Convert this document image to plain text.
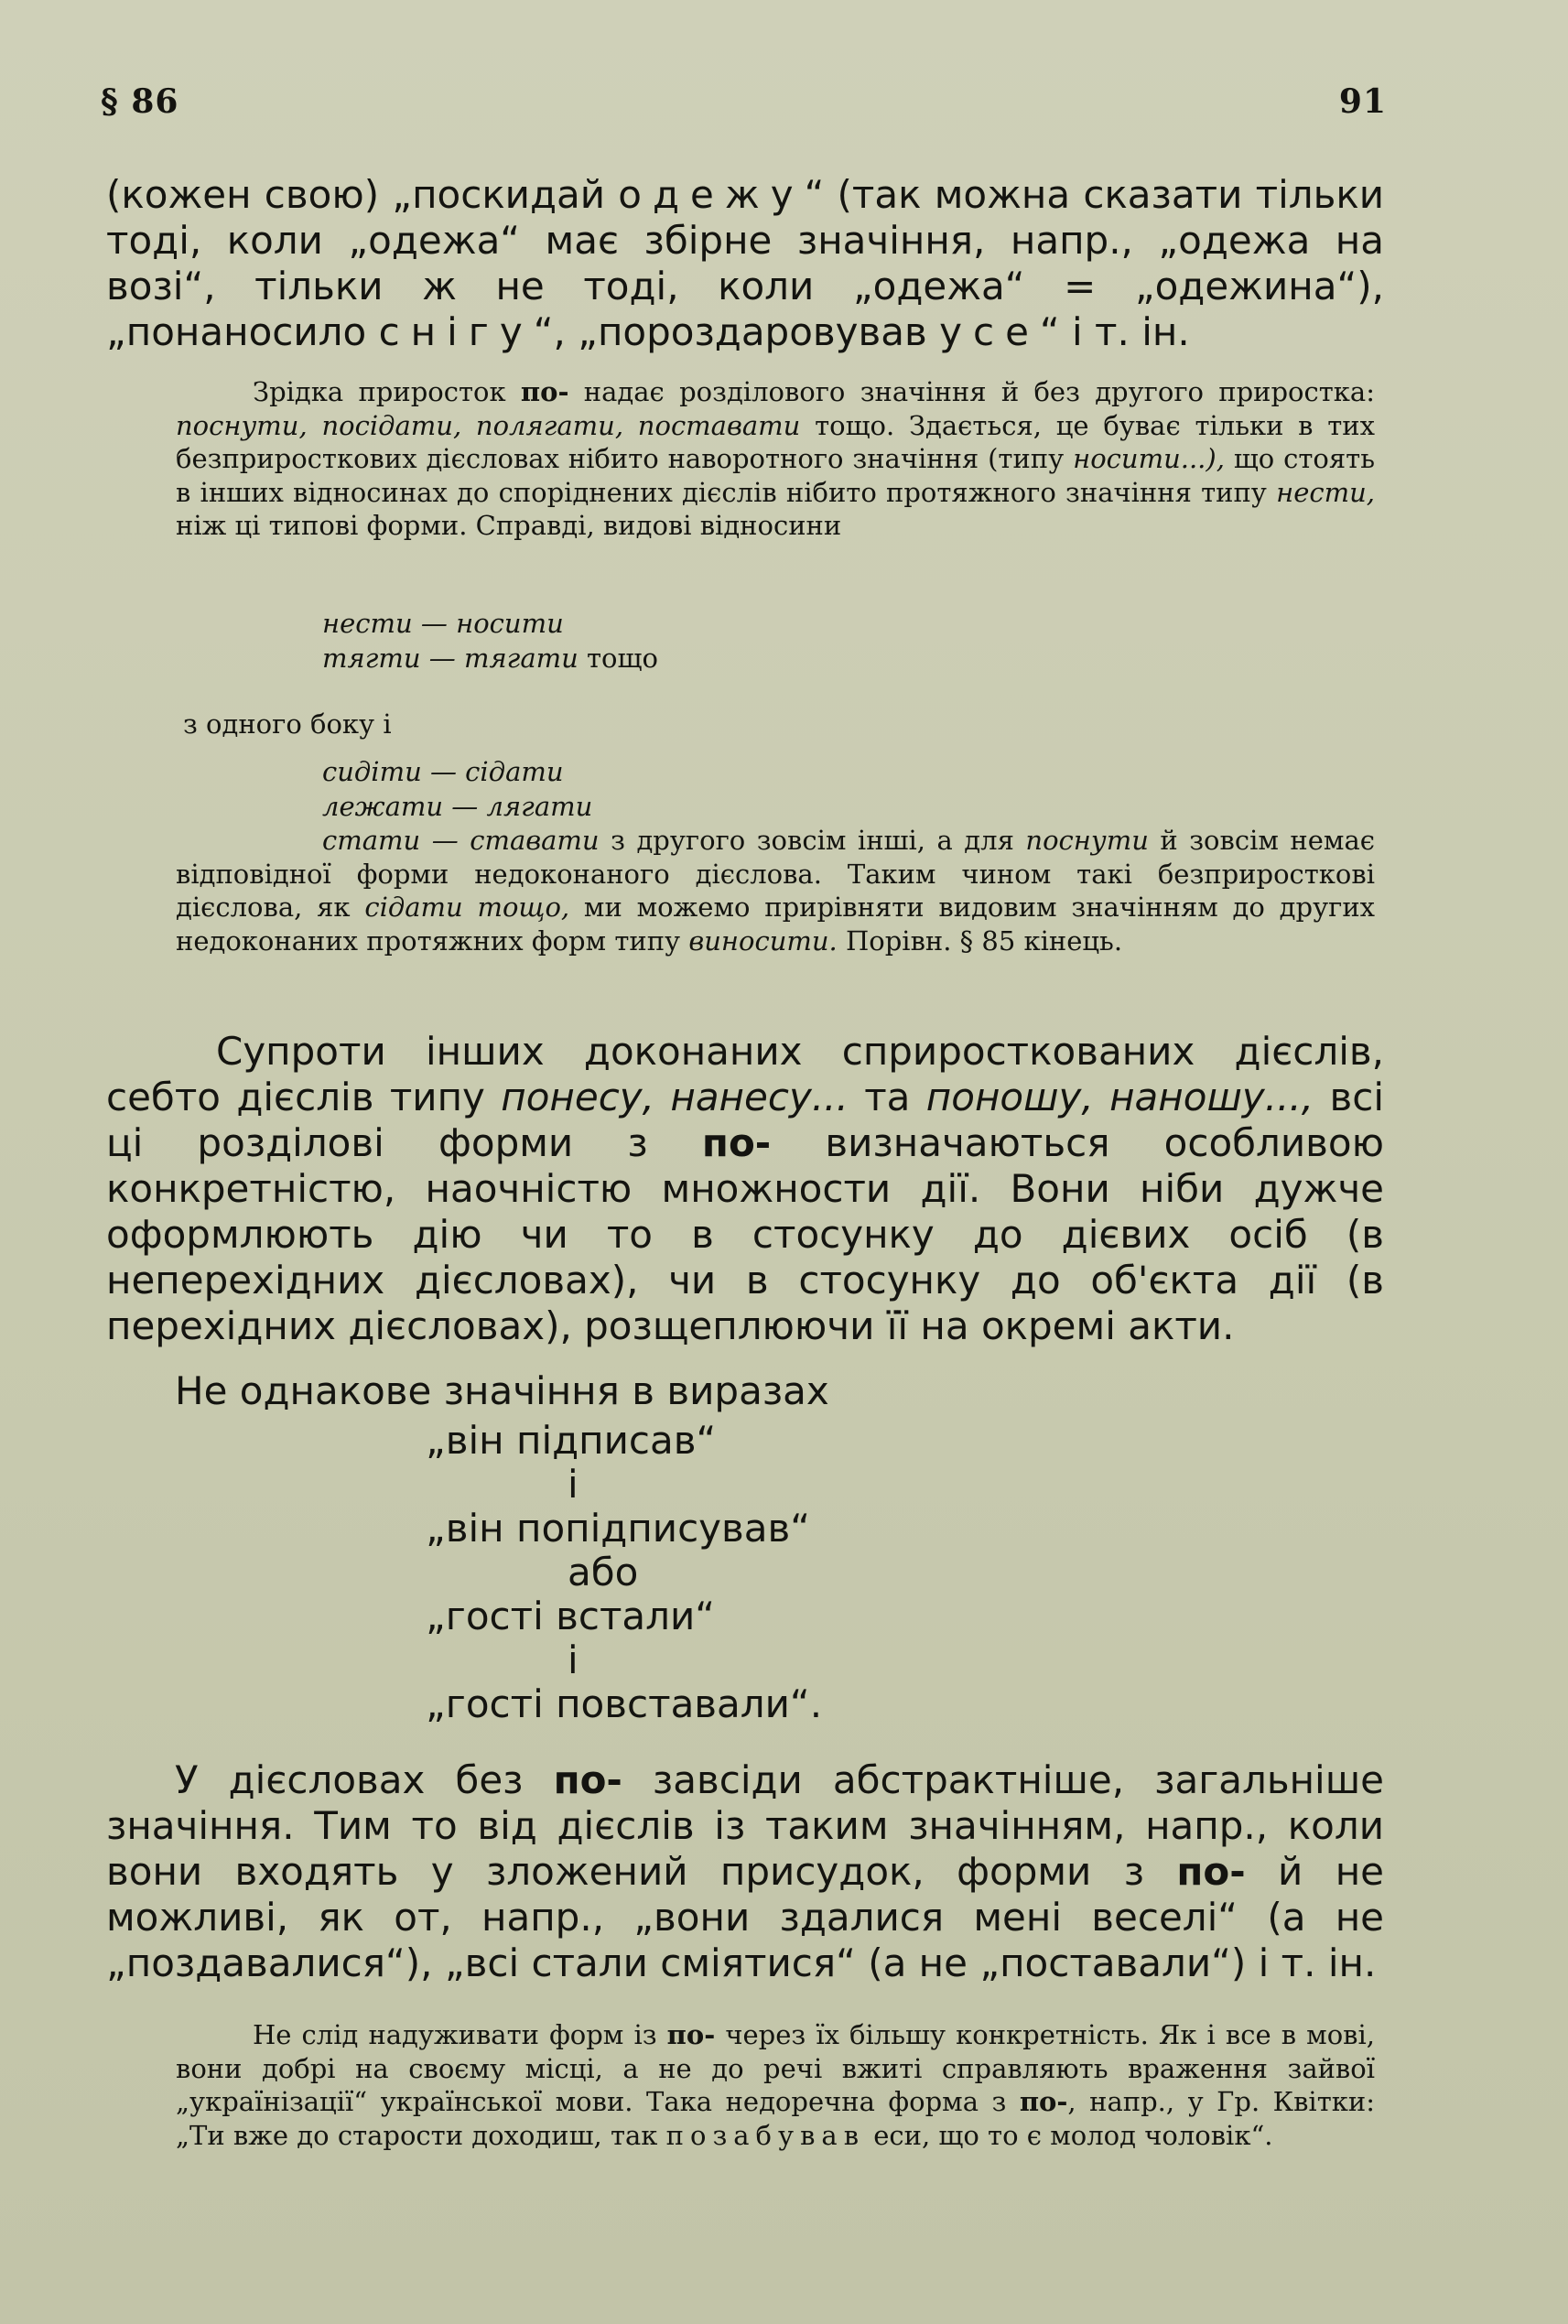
§ 86	91

(кожен свою) „поскидай одежу“ (так можна сказати тільки тоді, коли „одежа“ має збірне значіння, напр., „одежа на возі“, тільки ж не тоді, коли „одежа“ = „одежина“), „понаносило снігу“, „пороздаровував усе“ і т. ін.

Зрідка приросток по- надає розділового значіння й без другого приростка: поснути, посідати, полягати, поставати тощо. Здається, це буває тільки в тих безприросткових дієсловах нібито наворотного значіння (типу носити...), що стоять в інших відносинах до споріднених дієслів нібито протяжного значіння типу нести, ніж ці типові форми. Справді, видові відносини

нести — носити
тягти — тягати тощо
з одного боку і
сидіти — сідати
лежати — лягати

стати — ставати з другого зовсім інші, а для поснути й зовсім немає відповідної форми недоконаного дієслова. Таким чином такі безприросткові дієслова, як сідати тощо, ми можемо прирівняти видовим значінням до других недоконаних протяжних форм типу виносити. Порівн. § 85 кінець.

Супроти інших доконаних сприросткованих дієслів, себто дієслів типу понесу, нанесу... та поношу, наношу..., всі ці розділові форми з по- визначаються особливою конкретністю, наочністю множности дії. Вони ніби дужче оформлюють дію чи то в стосунку до дієвих осіб (в неперехідних дієсловах), чи в стосунку до об'єкта дії (в перехідних дієсловах), розщеплюючи її на окремі акти.

Не однакове значіння в виразах

„він підписав“
і
„він попідписував“
або
„гості встали“
і
„гості повставали“.

У дієсловах без по- завсіди абстрактніше, загальніше значіння. Тим то від дієслів із таким значінням, напр., коли вони входять у зложений присудок, форми з по- й не можливі, як от, напр., „вони здалися мені веселі“ (а не „поздавалися“), „всі стали сміятися“ (а не „поставали“) і т. ін.

Не слід надуживати форм із по- через їх більшу конкретність. Як і все в мові, вони добрі на своєму місці, а не до речі вжиті справляють враження зайвої „українізації“ української мови. Така недоречна форма з по-, напр., у Гр. Квітки: „Ти вже до старости доходиш, так позабував еси, що то є молод чоловік“.
